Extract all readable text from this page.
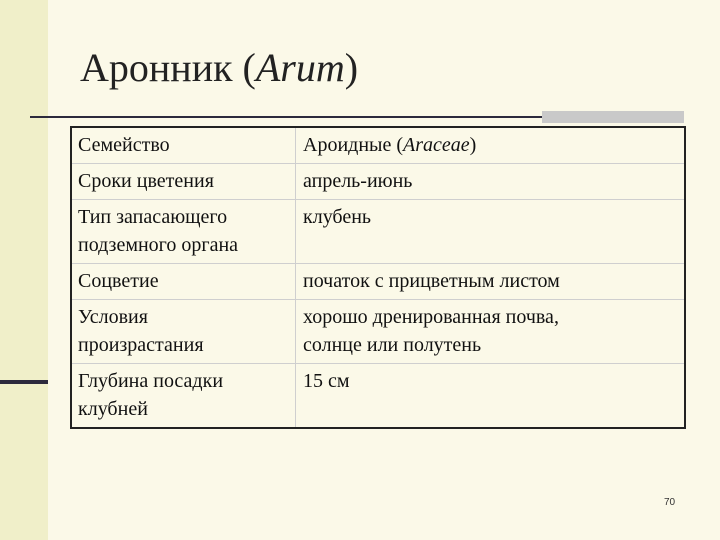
Аронник (Arum)
Семейство	Ароидные (Araceae)
Сроки цветения	апрель-июнь
Тип запасающего
подземного органа	клубень
Соцветие	початок с прицветным листом
Условия
произрастания	хорошо дренированная почва,
солнце или полутень
Глубина посадки
клубней	15 см
70
